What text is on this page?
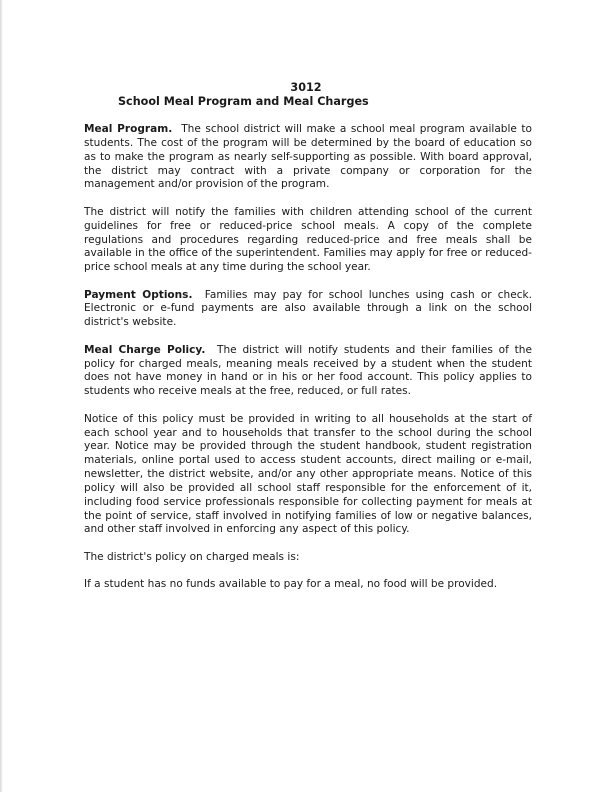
3012
School Meal Program and Meal Charges

Meal Program. The school district will make a school meal program available to students. The cost of the program will be determined by the board of education so as to make the program as nearly self-supporting as possible. With board approval, the district may contract with a private company or corporation for the management and/or provision of the program.

The district will notify the families with children attending school of the current guidelines for free or reduced-price school meals. A copy of the complete regulations and procedures regarding reduced-price and free meals shall be available in the office of the superintendent. Families may apply for free or reduced-price school meals at any time during the school year.

Payment Options. Families may pay for school lunches using cash or check. Electronic or e-fund payments are also available through a link on the school district's website.

Meal Charge Policy. The district will notify students and their families of the policy for charged meals, meaning meals received by a student when the student does not have money in hand or in his or her food account. This policy applies to students who receive meals at the free, reduced, or full rates.

Notice of this policy must be provided in writing to all households at the start of each school year and to households that transfer to the school during the school year. Notice may be provided through the student handbook, student registration materials, online portal used to access student accounts, direct mailing or e-mail, newsletter, the district website, and/or any other appropriate means. Notice of this policy will also be provided all school staff responsible for the enforcement of it, including food service professionals responsible for collecting payment for meals at the point of service, staff involved in notifying families of low or negative balances, and other staff involved in enforcing any aspect of this policy.

The district's policy on charged meals is:

If a student has no funds available to pay for a meal, no food will be provided.
